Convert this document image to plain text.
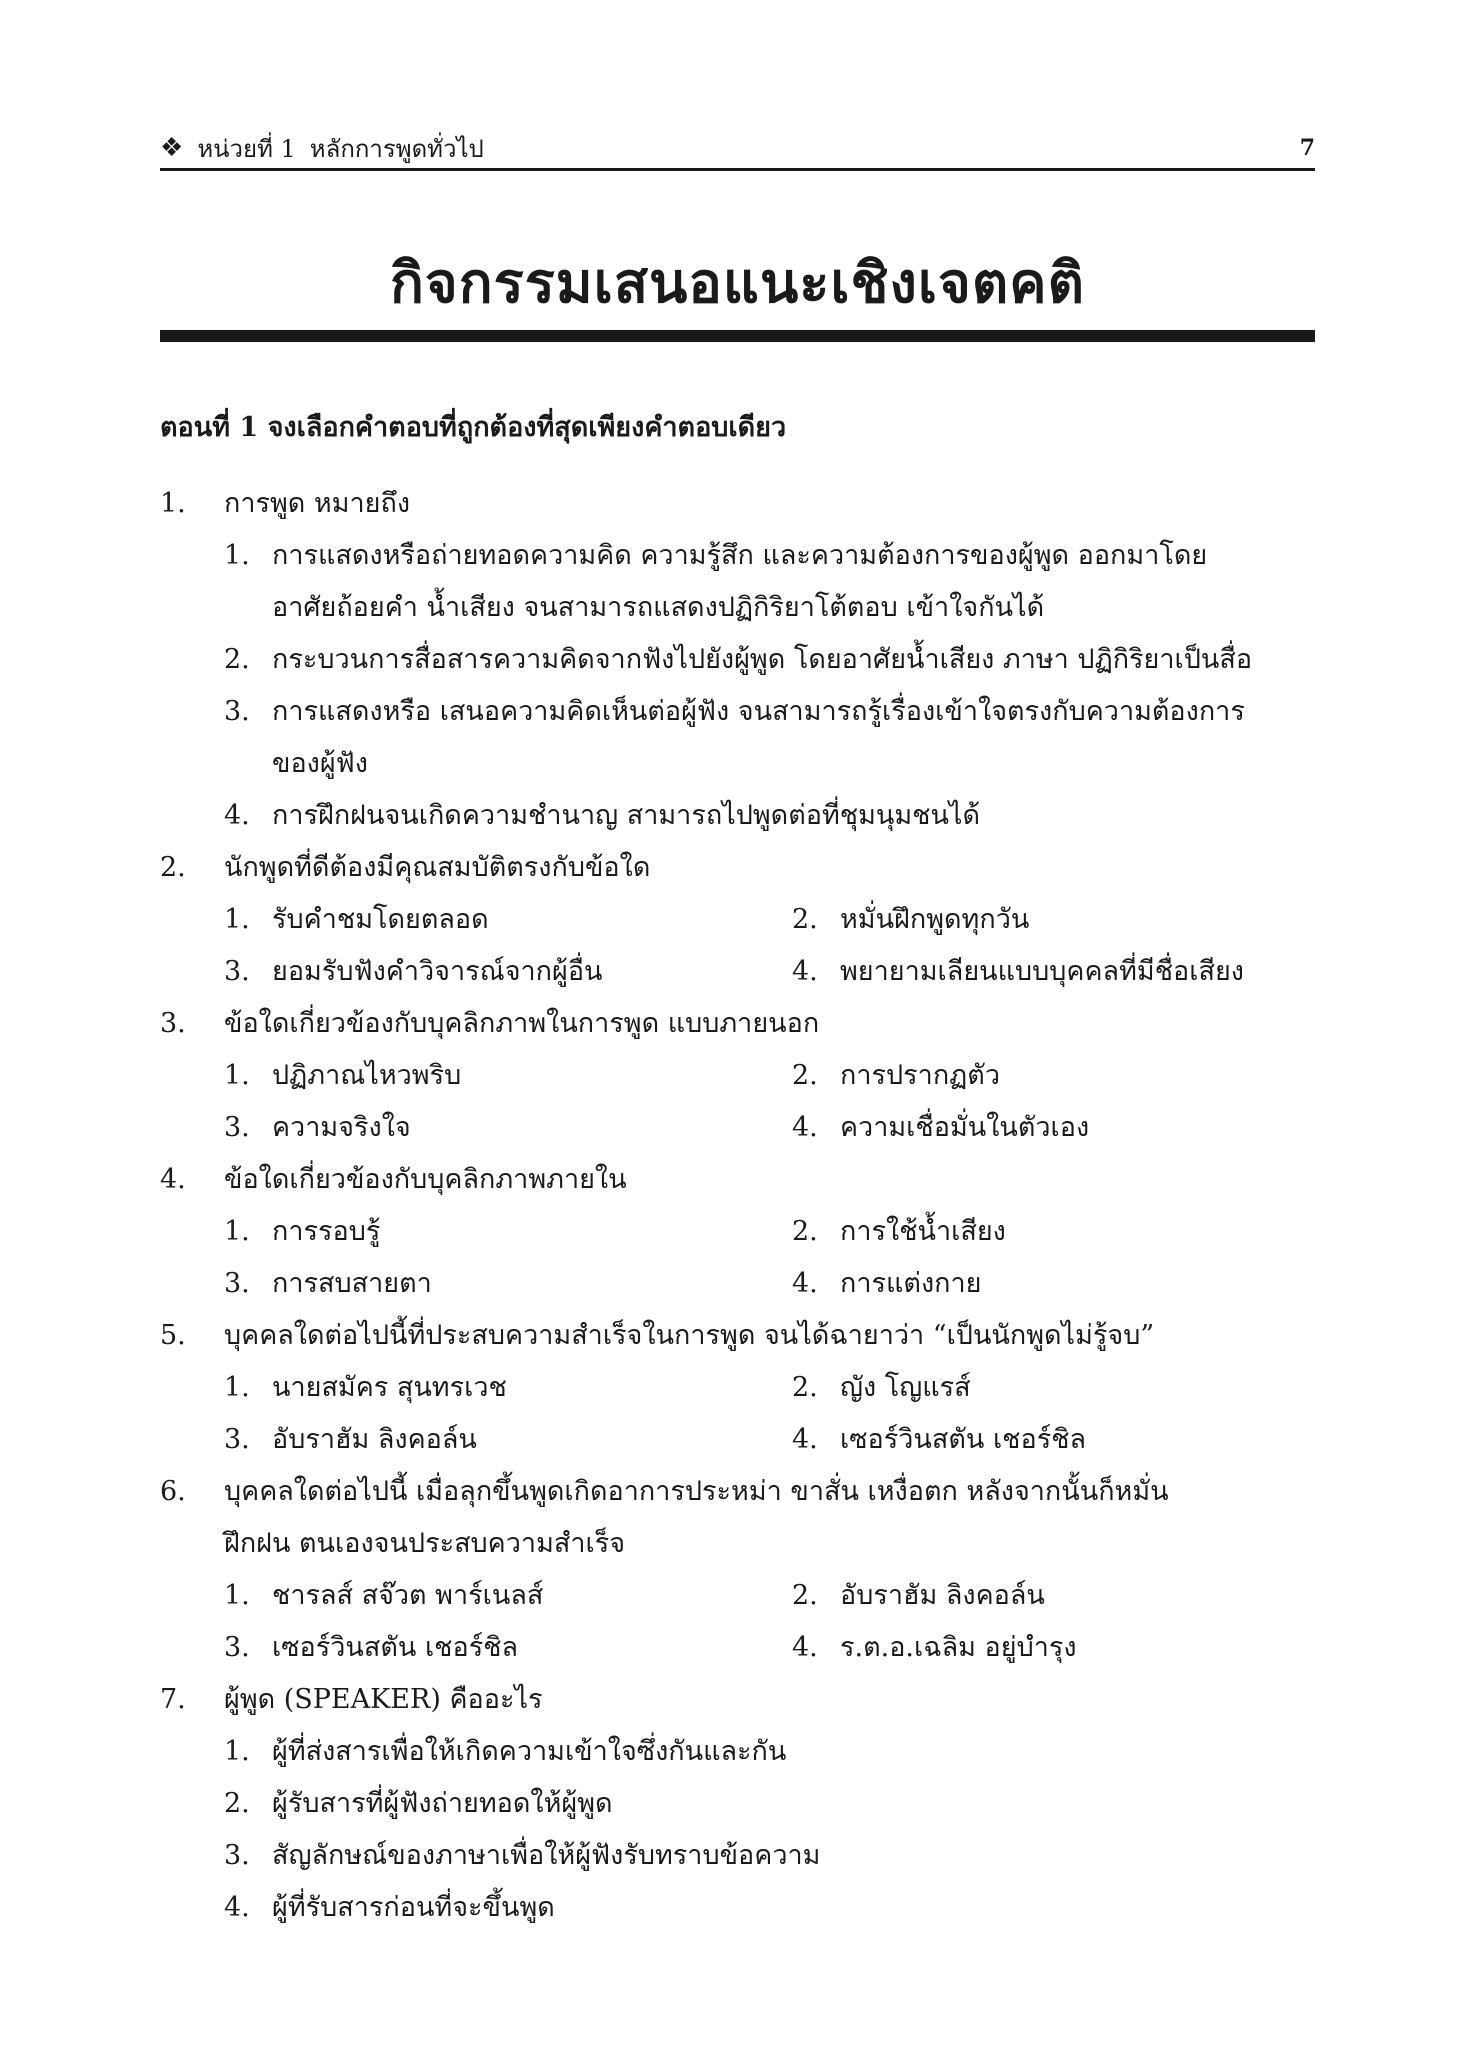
❖ หน่วยที่ 1 หลักการพูดทั่วไป	7
กิจกรรมเสนอแนะเชิงเจตคติ
ตอนที่ 1 จงเลือกคำตอบที่ถูกต้องที่สุดเพียงคำตอบเดียว
1.	การพูด หมายถึง
1. การแสดงหรือถ่ายทอดความคิด ความรู้สึก และความต้องการของผู้พูด ออกมาโดย
อาศัยถ้อยคำ น้ำเสียง จนสามารถแสดงปฏิกิริยาโต้ตอบ เข้าใจกันได้
2. กระบวนการสื่อสารความคิดจากฟังไปยังผู้พูด โดยอาศัยน้ำเสียง ภาษา ปฏิกิริยาเป็นสื่อ
3. การแสดงหรือ เสนอความคิดเห็นต่อผู้ฟัง จนสามารถรู้เรื่องเข้าใจตรงกับความต้องการ
ของผู้ฟัง
4. การฝึกฝนจนเกิดความชำนาญ สามารถไปพูดต่อที่ชุมนุมชนได้
2.	นักพูดที่ดีต้องมีคุณสมบัติตรงกับข้อใด
1. รับคำชมโดยตลอด	2. หมั่นฝึกพูดทุกวัน
3. ยอมรับฟังคำวิจารณ์จากผู้อื่น	4. พยายามเลียนแบบบุคคลที่มีชื่อเสียง
3.	ข้อใดเกี่ยวข้องกับบุคลิกภาพในการพูด แบบภายนอก
1. ปฏิภาณไหวพริบ	2. การปรากฏตัว
3. ความจริงใจ	4. ความเชื่อมั่นในตัวเอง
4.	ข้อใดเกี่ยวข้องกับบุคลิกภาพภายใน
1. การรอบรู้	2. การใช้น้ำเสียง
3. การสบสายตา	4. การแต่งกาย
5.	บุคคลใดต่อไปนี้ที่ประสบความสำเร็จในการพูด จนได้ฉายาว่า “เป็นนักพูดไม่รู้จบ”
1. นายสมัคร สุนทรเวช	2. ญัง โญแรส์
3. อับราฮัม ลิงคอล์น	4. เซอร์วินสตัน เชอร์ชิล
6.	บุคคลใดต่อไปนี้ เมื่อลุกขึ้นพูดเกิดอาการประหม่า ขาสั่น เหงื่อตก หลังจากนั้นก็หมั่น
ฝึกฝน ตนเองจนประสบความสำเร็จ
1. ชารลส์ สจ๊วต พาร์เนลส์	2. อับราฮัม ลิงคอล์น
3. เซอร์วินสตัน เชอร์ชิล	4. ร.ต.อ.เฉลิม อยู่บำรุง
7.	ผู้พูด (SPEAKER) คืออะไร
1. ผู้ที่ส่งสารเพื่อให้เกิดความเข้าใจซึ่งกันและกัน
2. ผู้รับสารที่ผู้ฟังถ่ายทอดให้ผู้พูด
3. สัญลักษณ์ของภาษาเพื่อให้ผู้ฟังรับทราบข้อความ
4. ผู้ที่รับสารก่อนที่จะขึ้นพูด
